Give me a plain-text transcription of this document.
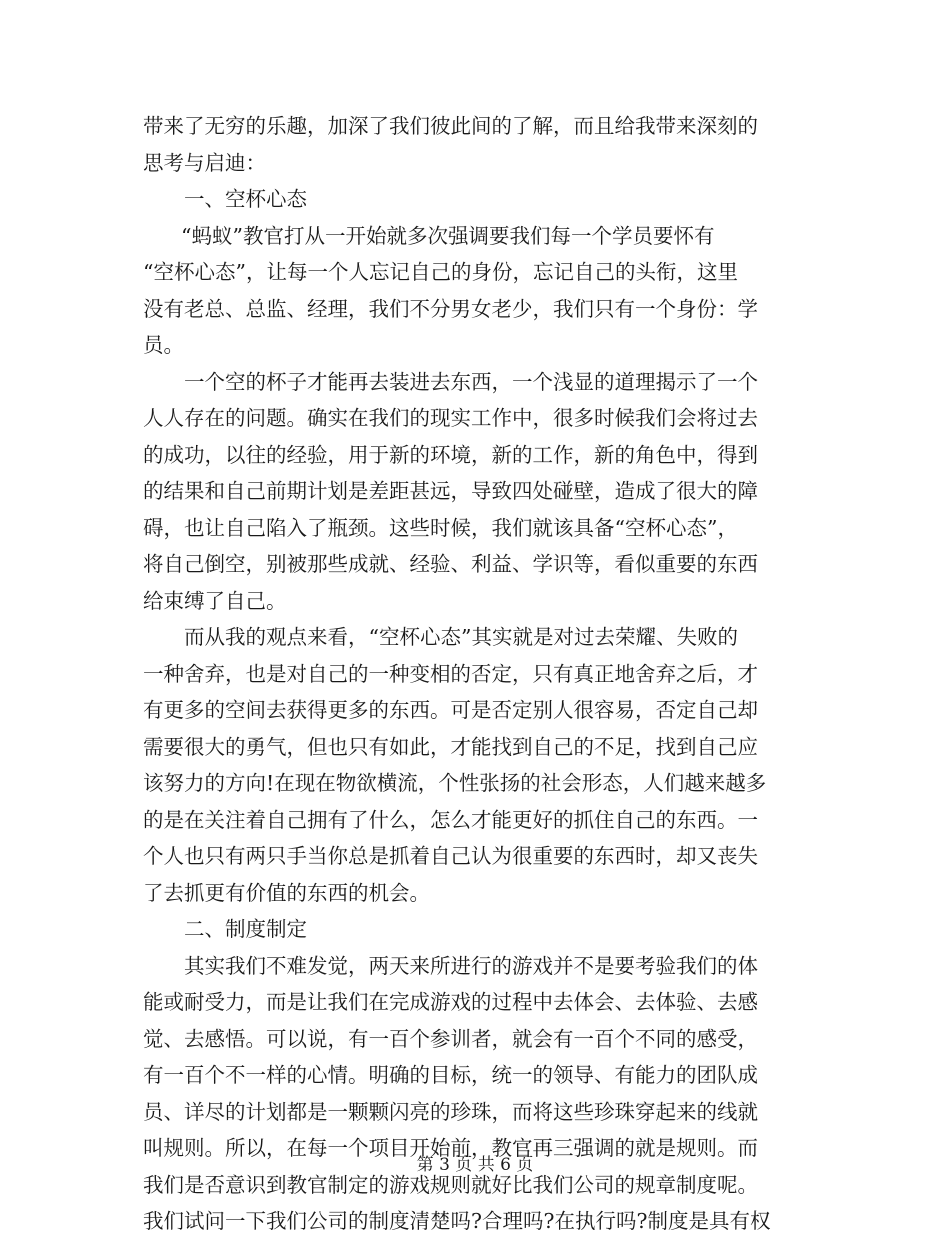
带来了无穷的乐趣，加深了我们彼此间的了解，而且给我带来深刻的
思考与启迪：
一、空杯心态
“蚂蚁”教官打从一开始就多次强调要我们每一个学员要怀有
“空杯心态”，让每一个人忘记自己的身份，忘记自己的头衔，这里
没有老总、总监、经理，我们不分男女老少，我们只有一个身份：学
员。
一个空的杯子才能再去装进去东西，一个浅显的道理揭示了一个
人人存在的问题。确实在我们的现实工作中，很多时候我们会将过去
的成功，以往的经验，用于新的环境，新的工作，新的角色中，得到
的结果和自己前期计划是差距甚远，导致四处碰壁，造成了很大的障
碍，也让自己陷入了瓶颈。这些时候，我们就该具备“空杯心态”，
将自己倒空，别被那些成就、经验、利益、学识等，看似重要的东西
给束缚了自己。
而从我的观点来看，“空杯心态”其实就是对过去荣耀、失败的
一种舍弃，也是对自己的一种变相的否定，只有真正地舍弃之后，才
有更多的空间去获得更多的东西。可是否定别人很容易，否定自己却
需要很大的勇气，但也只有如此，才能找到自己的不足，找到自己应
该努力的方向!在现在物欲横流，个性张扬的社会形态，人们越来越多
的是在关注着自己拥有了什么，怎么才能更好的抓住自己的东西。一
个人也只有两只手当你总是抓着自己认为很重要的东西时，却又丧失
了去抓更有价值的东西的机会。
二、制度制定
其实我们不难发觉，两天来所进行的游戏并不是要考验我们的体
能或耐受力，而是让我们在完成游戏的过程中去体会、去体验、去感
觉、去感悟。可以说，有一百个参训者，就会有一百个不同的感受，
有一百个不一样的心情。明确的目标，统一的领导、有能力的团队成
员、详尽的计划都是一颗颗闪亮的珍珠，而将这些珍珠穿起来的线就
叫规则。所以，在每一个项目开始前，教官再三强调的就是规则。而
我们是否意识到教官制定的游戏规则就好比我们公司的规章制度呢。
我们试问一下我们公司的制度清楚吗?合理吗?在执行吗?制度是具有权
第 3 页 共 6 页
